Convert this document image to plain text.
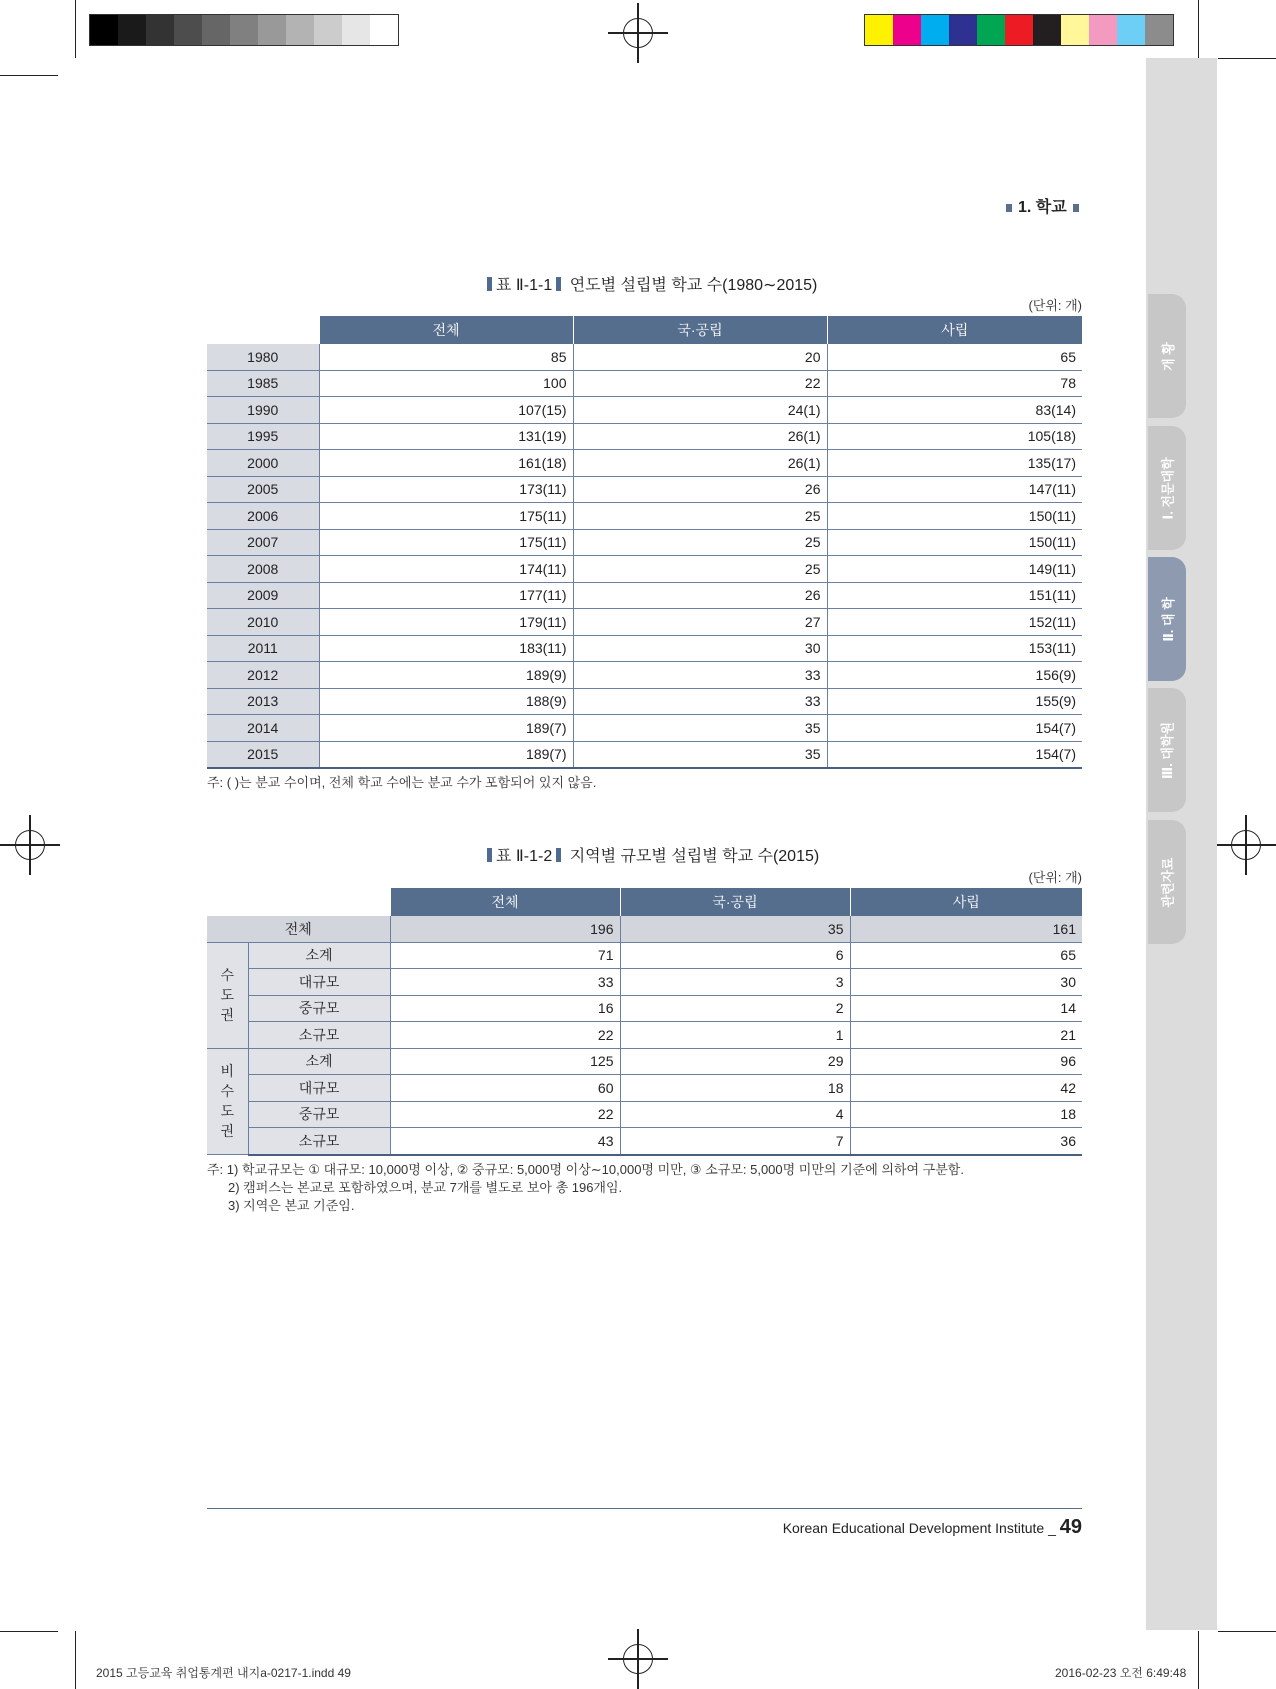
개 황
Ⅰ. 전문대학
Ⅱ. 대 학
Ⅲ. 대학원
관련자료
1. 학교
표 Ⅱ-1-1 연도별 설립별 학교 수(1980∼2015)
(단위: 개)
	전체	국·공립	사립
1980	85	20	65
1985	100	22	78
1990	107(15)	24(1)	83(14)
1995	131(19)	26(1)	105(18)
2000	161(18)	26(1)	135(17)
2005	173(11)	26	147(11)
2006	175(11)	25	150(11)
2007	175(11)	25	150(11)
2008	174(11)	25	149(11)
2009	177(11)	26	151(11)
2010	179(11)	27	152(11)
2011	183(11)	30	153(11)
2012	189(9)	33	156(9)
2013	188(9)	33	155(9)
2014	189(7)	35	154(7)
2015	189(7)	35	154(7)
주: ( )는 분교 수이며, 전체 학교 수에는 분교 수가 포함되어 있지 않음.
표 Ⅱ-1-2 지역별 규모별 설립별 학교 수(2015)
(단위: 개)
		전체	국·공립	사립
전체		196	35	161
수
도
권	소계	71	6	65
	대규모	33	3	30
	중규모	16	2	14
	소규모	22	1	21
비
수
도
권	소계	125	29	96
	대규모	60	18	42
	중규모	22	4	18
	소규모	43	7	36
주: 1) 학교규모는 ① 대규모: 10,000명 이상, ② 중규모: 5,000명 이상∼10,000명 미만, ③ 소규모: 5,000명 미만의 기준에 의하여 구분함.
2) 캠퍼스는 본교로 포함하였으며, 분교 7개를 별도로 보아 총 196개임.
3) 지역은 본교 기준임.
Korean Educational Development Institute _ 49
2015 고등교육 취업통계편 내지a-0217-1.indd 49	2016-02-23 오전 6:49:48
